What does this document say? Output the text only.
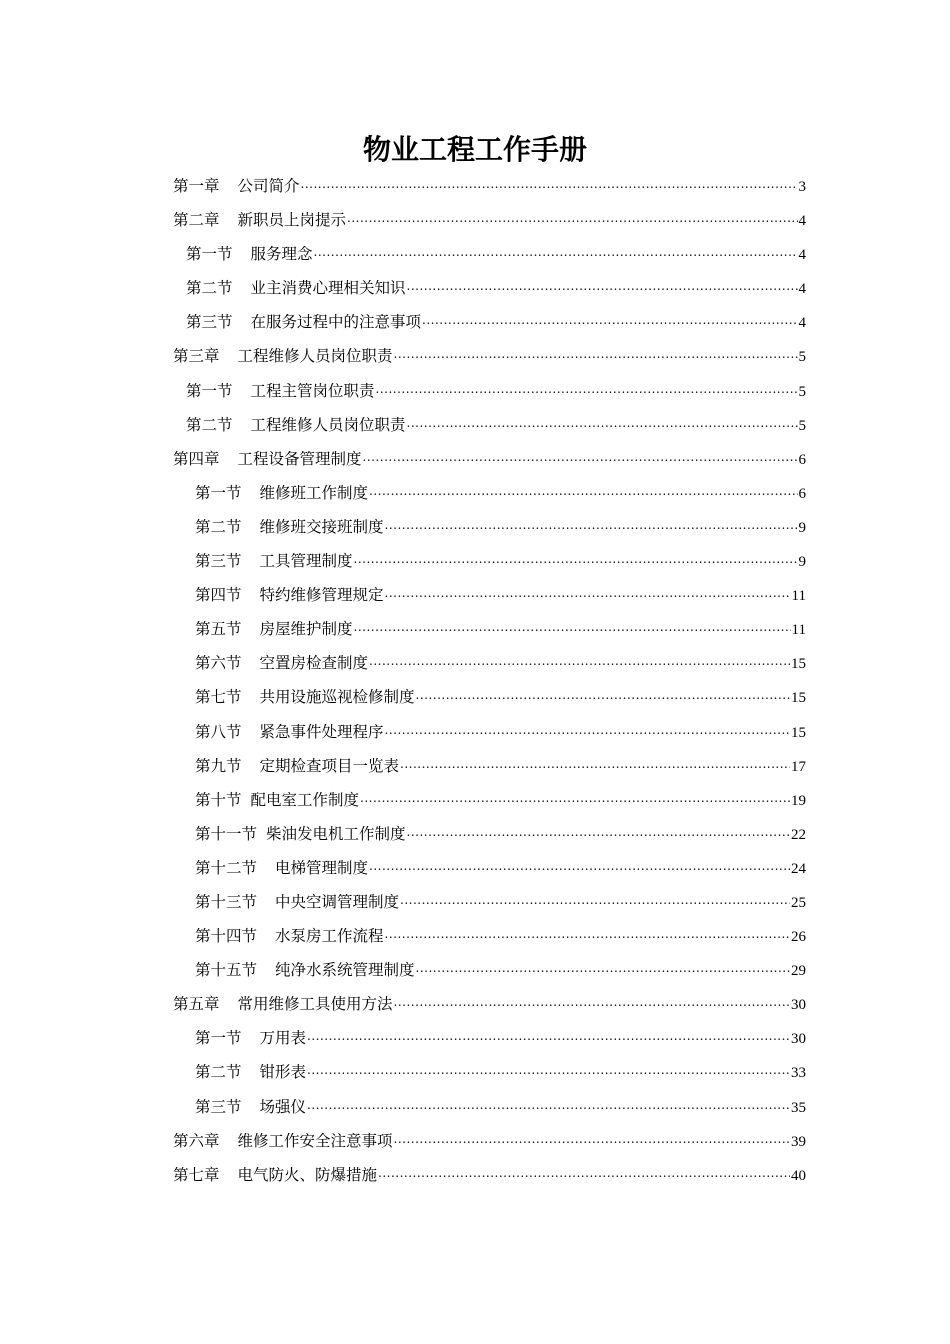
物业工程工作手册
第一章 公司简介 .....	3
第二章 新职员上岗提示 .....	4
第一节 服务理念 .....	4
第二节 业主消费心理相关知识 .....	4
第三节 在服务过程中的注意事项 .....	4
第三章 工程维修人员岗位职责 .....	5
第一节 工程主管岗位职责 .....	5
第二节 工程维修人员岗位职责 .....	5
第四章 工程设备管理制度 .....	6
第一节 维修班工作制度 .....	6
第二节 维修班交接班制度 .....	9
第三节 工具管理制度 .....	9
第四节 特约维修管理规定 .....	11
第五节 房屋维护制度 .....	11
第六节 空置房检查制度 .....	15
第七节 共用设施巡视检修制度 .....	15
第八节 紧急事件处理程序 .....	15
第九节 定期检查项目一览表 .....	17
第十节 配电室工作制度 .....	19
第十一节 柴油发电机工作制度 .....	22
第十二节 电梯管理制度 .....	24
第十三节 中央空调管理制度 .....	25
第十四节 水泵房工作流程 .....	26
第十五节 纯净水系统管理制度 .....	29
第五章 常用维修工具使用方法 .....	30
第一节 万用表 .....	30
第二节 钳形表 .....	33
第三节 场强仪 .....	35
第六章 维修工作安全注意事项 .....	39
第七章 电气防火、防爆措施 .....	40
